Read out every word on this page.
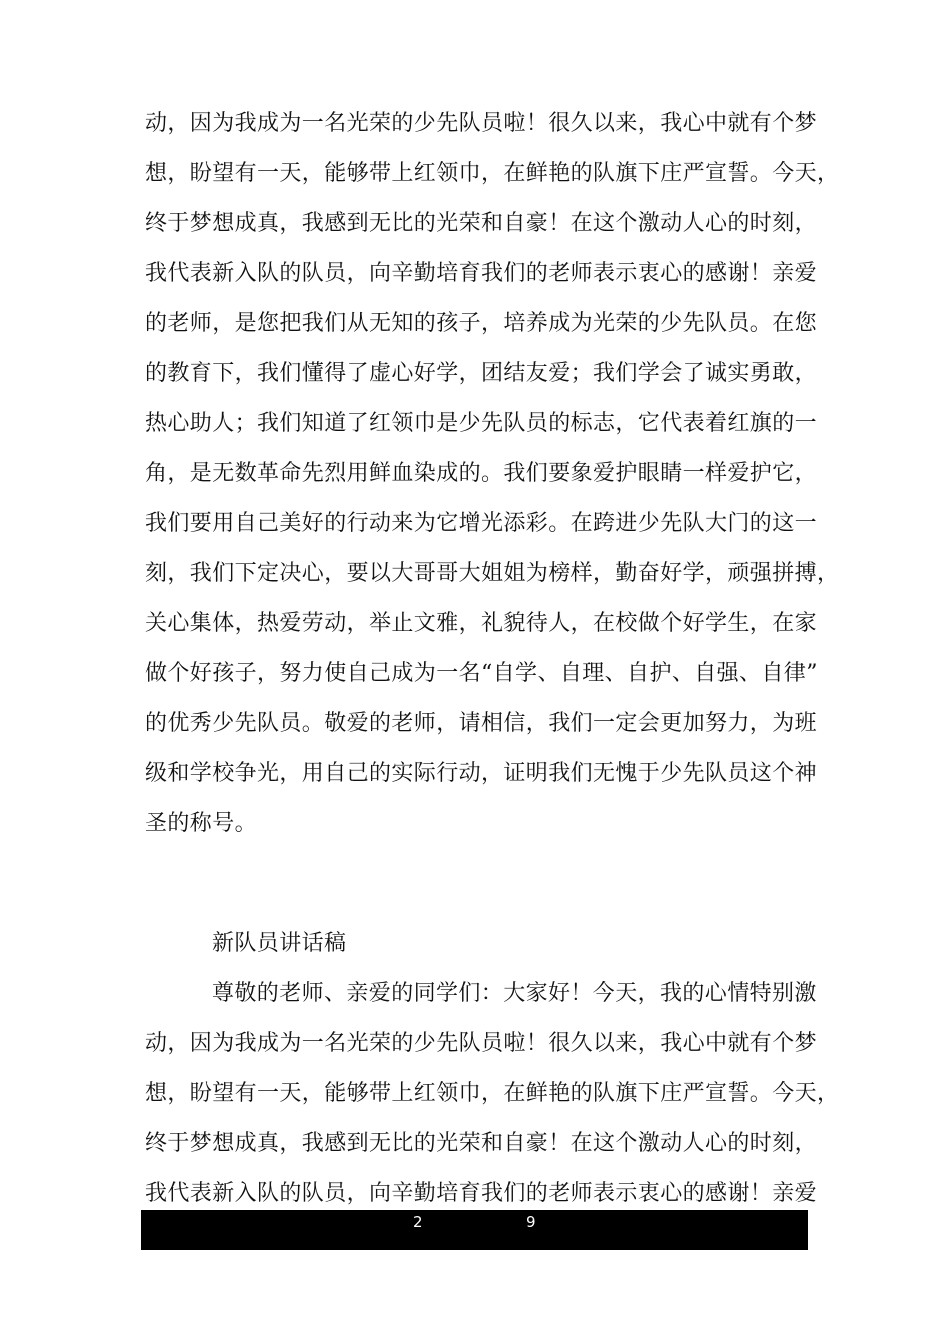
动，因为我成为一名光荣的少先队员啦！很久以来，我心中就有个梦
想，盼望有一天，能够带上红领巾，在鲜艳的队旗下庄严宣誓。今天，
终于梦想成真，我感到无比的光荣和自豪！在这个激动人心的时刻，
我代表新入队的队员，向辛勤培育我们的老师表示衷心的感谢！亲爱
的老师，是您把我们从无知的孩子，培养成为光荣的少先队员。在您
的教育下，我们懂得了虚心好学，团结友爱；我们学会了诚实勇敢，
热心助人；我们知道了红领巾是少先队员的标志，它代表着红旗的一
角，是无数革命先烈用鲜血染成的。我们要象爱护眼睛一样爱护它，
我们要用自己美好的行动来为它增光添彩。在跨进少先队大门的这一
刻，我们下定决心，要以大哥哥大姐姐为榜样，勤奋好学，顽强拼搏，
关心集体，热爱劳动，举止文雅，礼貌待人，在校做个好学生，在家
做个好孩子，努力使自己成为一名“自学、自理、自护、自强、自律”
的优秀少先队员。敬爱的老师，请相信，我们一定会更加努力，为班
级和学校争光，用自己的实际行动，证明我们无愧于少先队员这个神
圣的称号。
新队员讲话稿
尊敬的老师、亲爱的同学们：大家好！今天，我的心情特别激
动，因为我成为一名光荣的少先队员啦！很久以来，我心中就有个梦
想，盼望有一天，能够带上红领巾，在鲜艳的队旗下庄严宣誓。今天，
终于梦想成真，我感到无比的光荣和自豪！在这个激动人心的时刻，
我代表新入队的队员，向辛勤培育我们的老师表示衷心的感谢！亲爱
2	9
